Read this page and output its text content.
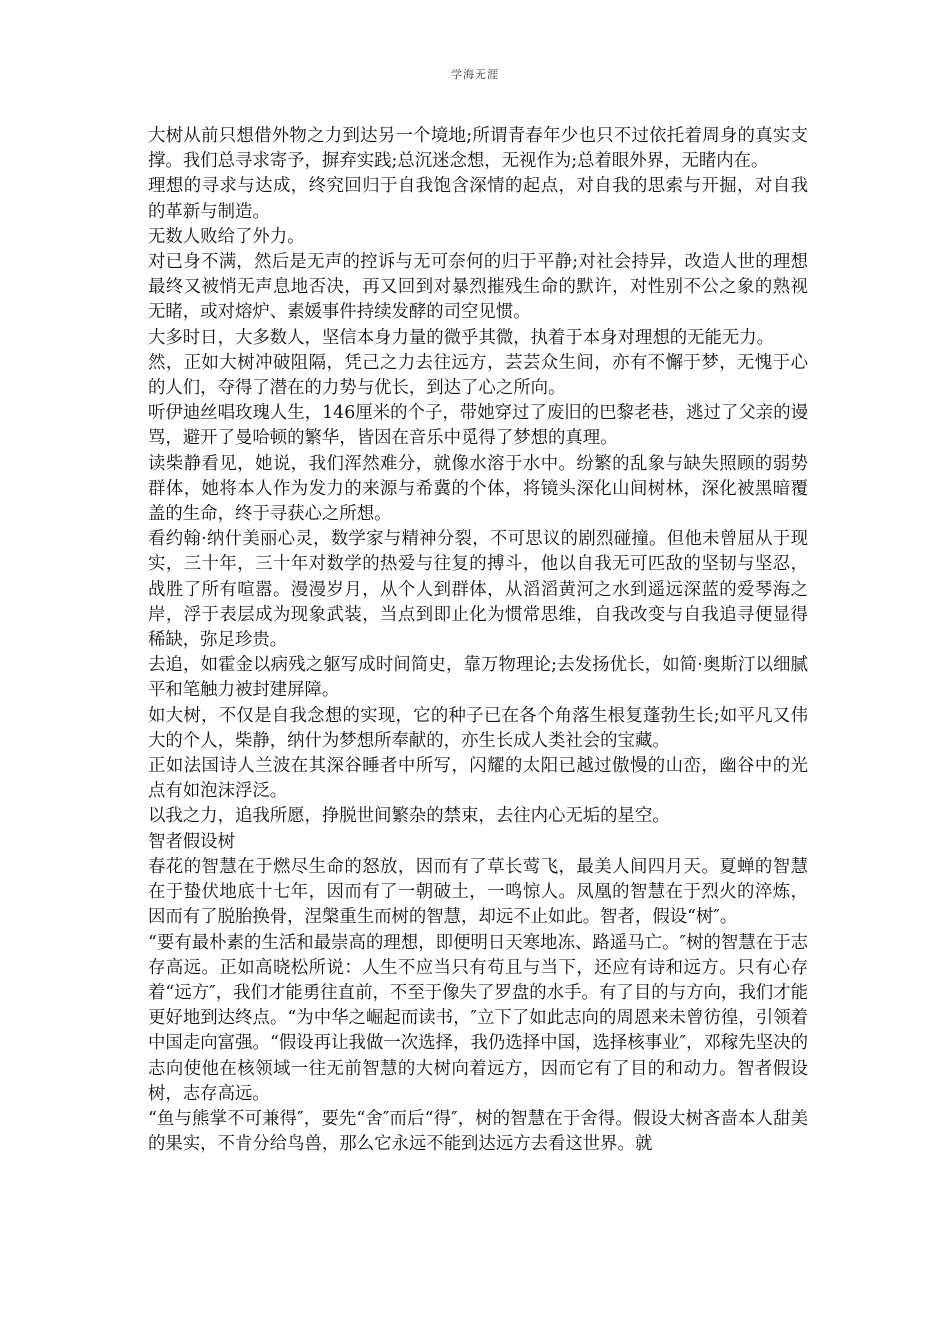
学海无涯

大树从前只想借外物之力到达另一个境地;所谓青春年少也只不过依托着周身的真实支撑。我们总寻求寄予，摒弃实践;总沉迷念想，无视作为;总着眼外界，无睹内在。

理想的寻求与达成，终究回归于自我饱含深情的起点，对自我的思索与开掘，对自我的革新与制造。

无数人败给了外力。

对已身不满，然后是无声的控诉与无可奈何的归于平静;对社会持异，改造人世的理想最终又被悄无声息地否决，再又回到对暴烈摧残生命的默许，对性别不公之象的熟视无睹，或对熔炉、素媛事件持续发酵的司空见惯。

大多时日，大多数人，坚信本身力量的微乎其微，执着于本身对理想的无能无力。

然，正如大树冲破阻隔，凭己之力去往远方，芸芸众生间，亦有不懈于梦，无愧于心的人们，夺得了潜在的力势与优长，到达了心之所向。

听伊迪丝唱玫瑰人生，146厘米的个子，带她穿过了废旧的巴黎老巷，逃过了父亲的谩骂，避开了曼哈顿的繁华，皆因在音乐中觅得了梦想的真理。

读柴静看见，她说，我们浑然难分，就像水溶于水中。纷繁的乱象与缺失照顾的弱势群体，她将本人作为发力的来源与希冀的个体，将镜头深化山间树林，深化被黑暗覆盖的生命，终于寻获心之所想。

看约翰·纳什美丽心灵，数学家与精神分裂，不可思议的剧烈碰撞。但他未曾屈从于现实，三十年，三十年对数学的热爱与往复的搏斗，他以自我无可匹敌的坚韧与坚忍，战胜了所有喧嚣。漫漫岁月，从个人到群体，从滔滔黄河之水到遥远深蓝的爱琴海之岸，浮于表层成为现象武装，当点到即止化为惯常思维，自我改变与自我追寻便显得稀缺，弥足珍贵。

去追，如霍金以病残之躯写成时间简史，靠万物理论;去发扬优长，如简·奥斯汀以细腻平和笔触力被封建屏障。

如大树，不仅是自我念想的实现，它的种子已在各个角落生根复蓬勃生长;如平凡又伟大的个人，柴静，纳什为梦想所奉献的，亦生长成人类社会的宝藏。

正如法国诗人兰波在其深谷睡者中所写，闪耀的太阳已越过傲慢的山峦，幽谷中的光点有如泡沫浮泛。

以我之力，追我所愿，挣脱世间繁杂的禁束，去往内心无垢的星空。

智者假设树

春花的智慧在于燃尽生命的怒放，因而有了草长莺飞，最美人间四月天。夏蝉的智慧在于蛰伏地底十七年，因而有了一朝破土，一鸣惊人。凤凰的智慧在于烈火的淬炼，因而有了脱胎换骨，涅槃重生而树的智慧，却远不止如此。智者，假设“树″。

“要有最朴素的生活和最崇高的理想，即便明日天寒地冻、路遥马亡。″树的智慧在于志存高远。正如高晓松所说：人生不应当只有苟且与当下，还应有诗和远方。只有心存着“远方″，我们才能勇往直前，不至于像失了罗盘的水手。有了目的与方向，我们才能更好地到达终点。“为中华之崛起而读书，″立下了如此志向的周恩来未曾彷徨，引领着中国走向富强。“假设再让我做一次选择，我仍选择中国，选择核事业″，邓稼先坚决的志向使他在核领域一往无前智慧的大树向着远方，因而它有了目的和动力。智者假设树，志存高远。

“鱼与熊掌不可兼得″，要先“舍″而后“得″，树的智慧在于舍得。假设大树吝啬本人甜美的果实，不肯分给鸟兽，那么它永远不能到达远方去看这世界。就
